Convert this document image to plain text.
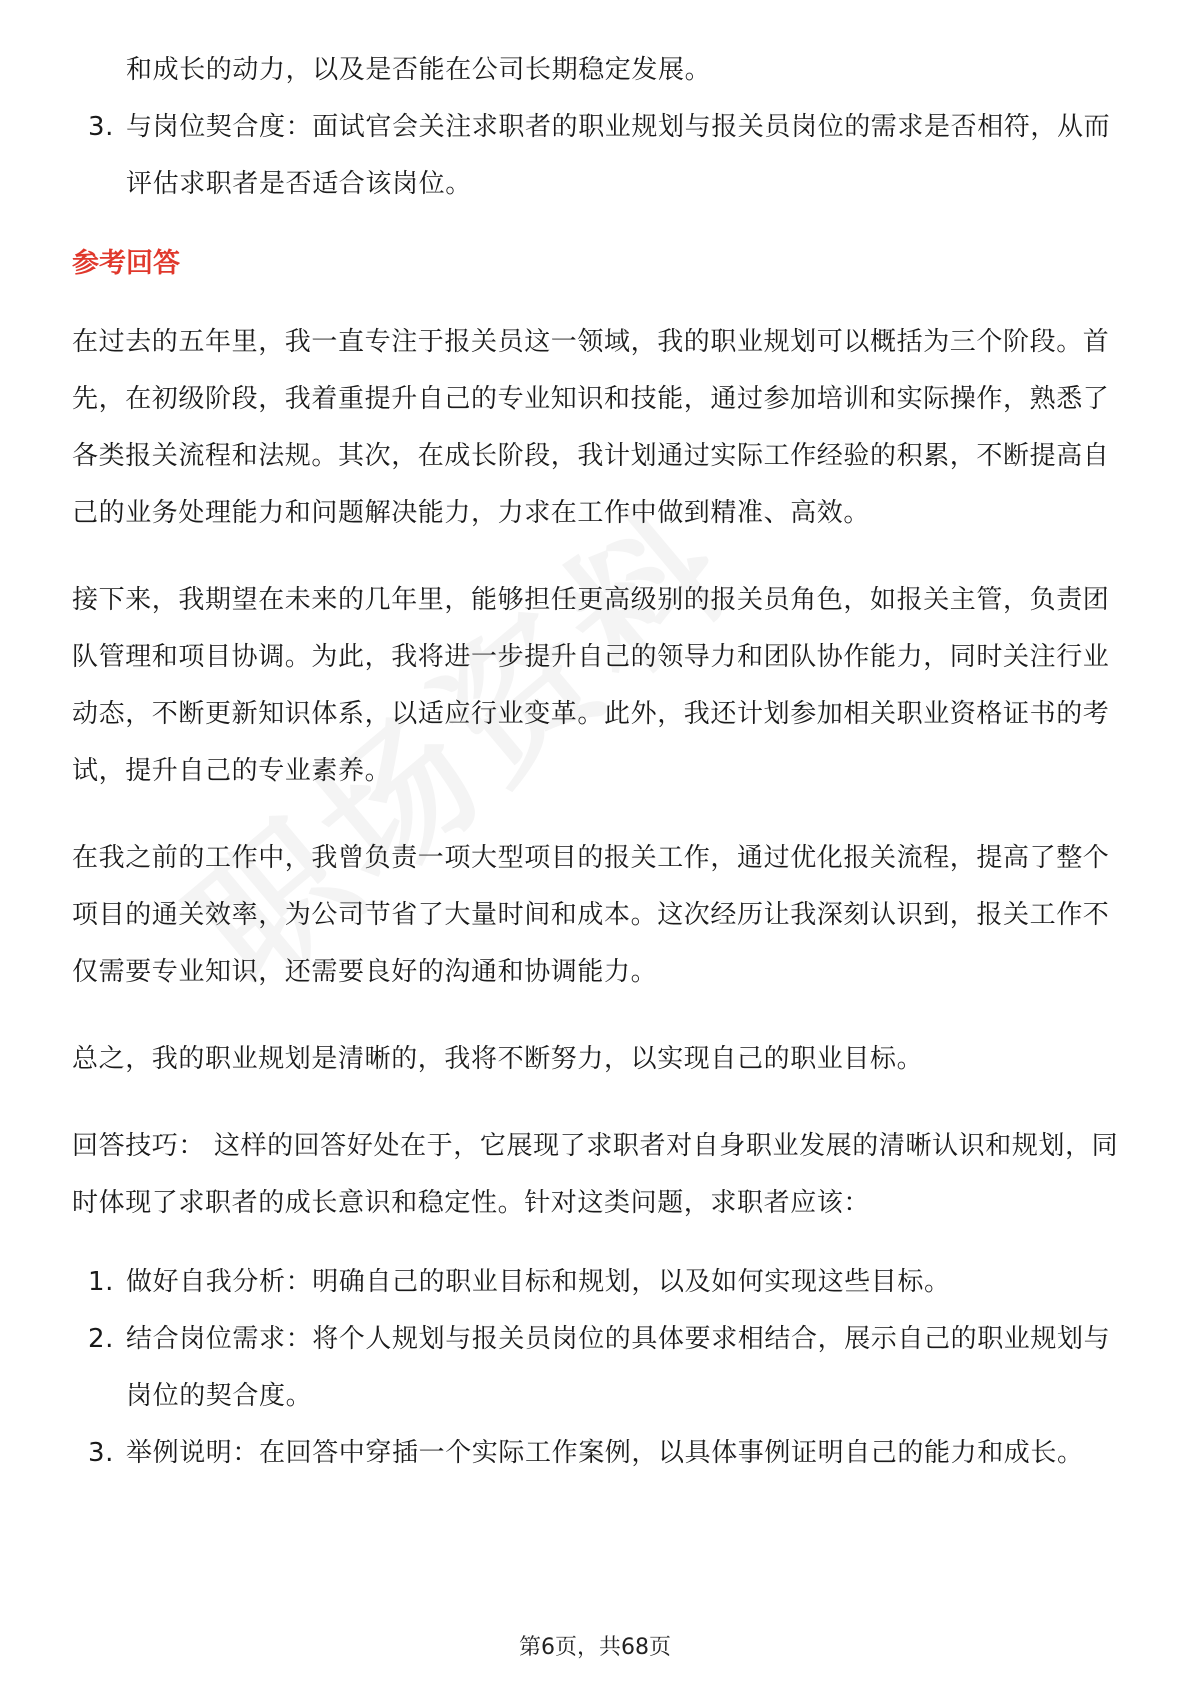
和成长的动力，以及是否能在公司长期稳定发展。

3. 与岗位契合度：面试官会关注求职者的职业规划与报关员岗位的需求是否相符，从而评估求职者是否适合该岗位。

参考回答

在过去的五年里，我一直专注于报关员这一领域，我的职业规划可以概括为三个阶段。首先，在初级阶段，我着重提升自己的专业知识和技能，通过参加培训和实际操作，熟悉了各类报关流程和法规。其次，在成长阶段，我计划通过实际工作经验的积累，不断提高自己的业务处理能力和问题解决能力，力求在工作中做到精准、高效。

接下来，我期望在未来的几年里，能够担任更高级别的报关员角色，如报关主管，负责团队管理和项目协调。为此，我将进一步提升自己的领导力和团队协作能力，同时关注行业动态，不断更新知识体系，以适应行业变革。此外，我还计划参加相关职业资格证书的考试，提升自己的专业素养。

在我之前的工作中，我曾负责一项大型项目的报关工作，通过优化报关流程，提高了整个项目的通关效率，为公司节省了大量时间和成本。这次经历让我深刻认识到，报关工作不仅需要专业知识，还需要良好的沟通和协调能力。

总之，我的职业规划是清晰的，我将不断努力，以实现自己的职业目标。

回答技巧： 这样的回答好处在于，它展现了求职者对自身职业发展的清晰认识和规划，同时体现了求职者的成长意识和稳定性。针对这类问题，求职者应该：

1. 做好自我分析：明确自己的职业目标和规划，以及如何实现这些目标。
2. 结合岗位需求：将个人规划与报关员岗位的具体要求相结合，展示自己的职业规划与岗位的契合度。
3. 举例说明：在回答中穿插一个实际工作案例，以具体事例证明自己的能力和成长。
第6页，共68页
